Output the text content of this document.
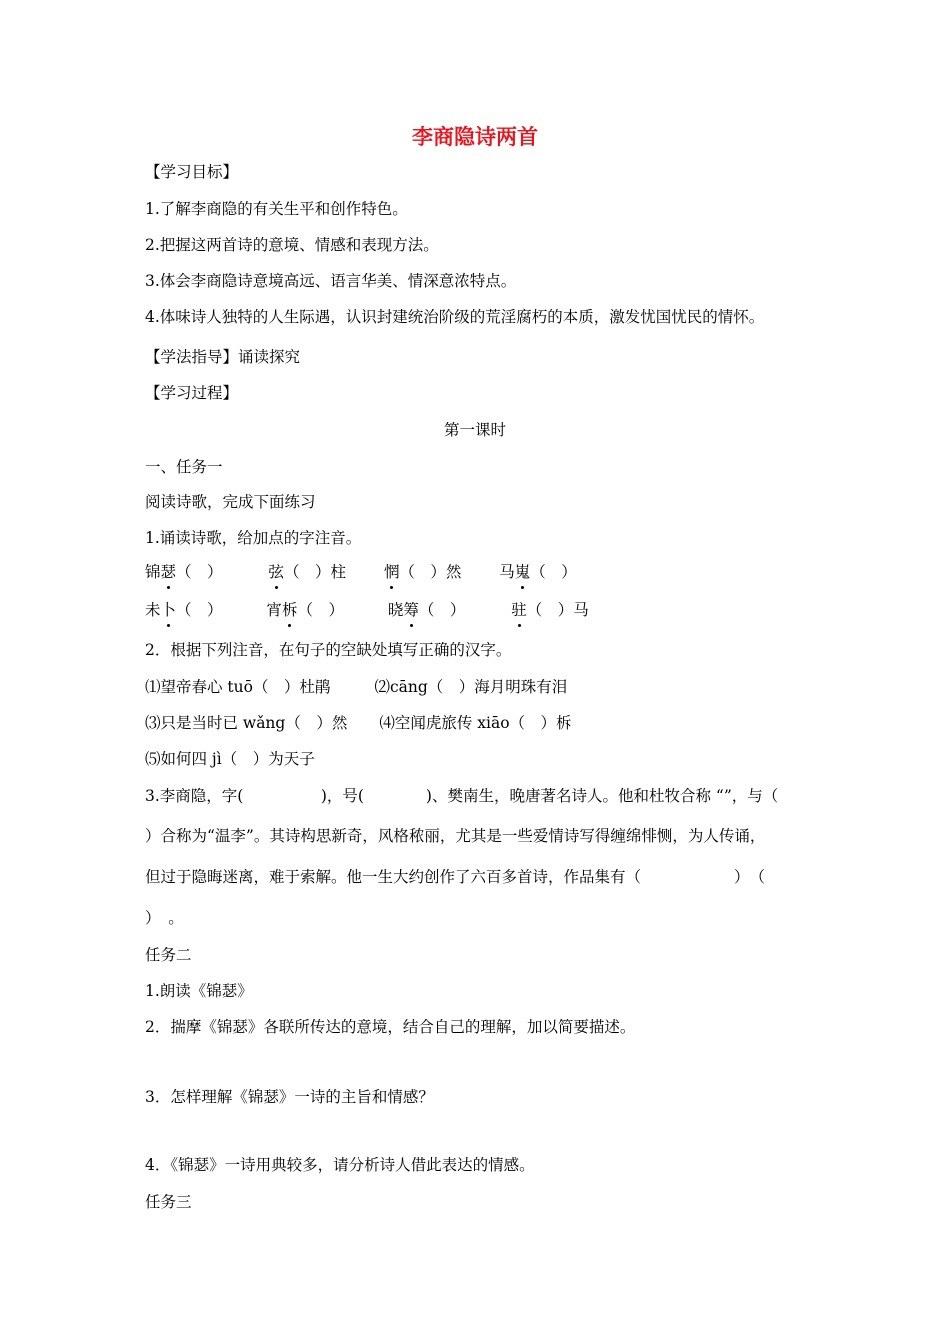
李商隐诗两首
【学习目标】
1.了解李商隐的有关生平和创作特色。
2.把握这两首诗的意境、情感和表现方法。
3.体会李商隐诗意境高远、语言华美、情深意浓特点。
4.体味诗人独特的人生际遇，认识封建统治阶级的荒淫腐朽的本质，激发忧国忧民的情怀。
【学法指导】诵读探究
【学习过程】
第一课时
一、任务一
阅读诗歌，完成下面练习
1.诵读诗歌，给加点的字注音。
锦瑟（　）	弦（　）柱 惘（　）然 马嵬（　）
未卜（　）	宵柝（　）	晓筹（　）	驻（　）马
2．根据下列注音，在句子的空缺处填写正确的汉字。
⑴望帝春心 tuō（　）杜鹃	⑵cāng（　）海月明珠有泪
⑶只是当时已 wǎng（　）然 ⑷空闻虎旅传 xiāo（　）柝
⑸如何四 jì（　）为天子
3.李商隐，字(　　　　　)，号(　　　　)、樊南生，晚唐著名诗人。他和杜牧合称 “”，与（
）合称为“温李”。其诗构思新奇，风格秾丽，尤其是一些爱情诗写得缠绵悱恻，为人传诵，
但过于隐晦迷离，难于索解。他一生大约创作了六百多首诗，作品集有（　　　　　　）　（
）　。
任务二
1.朗读《锦瑟》
2．揣摩《锦瑟》各联所传达的意境，结合自己的理解，加以简要描述。
3．怎样理解《锦瑟》一诗的主旨和情感？
4．《锦瑟》一诗用典较多，请分析诗人借此表达的情感。
任务三
